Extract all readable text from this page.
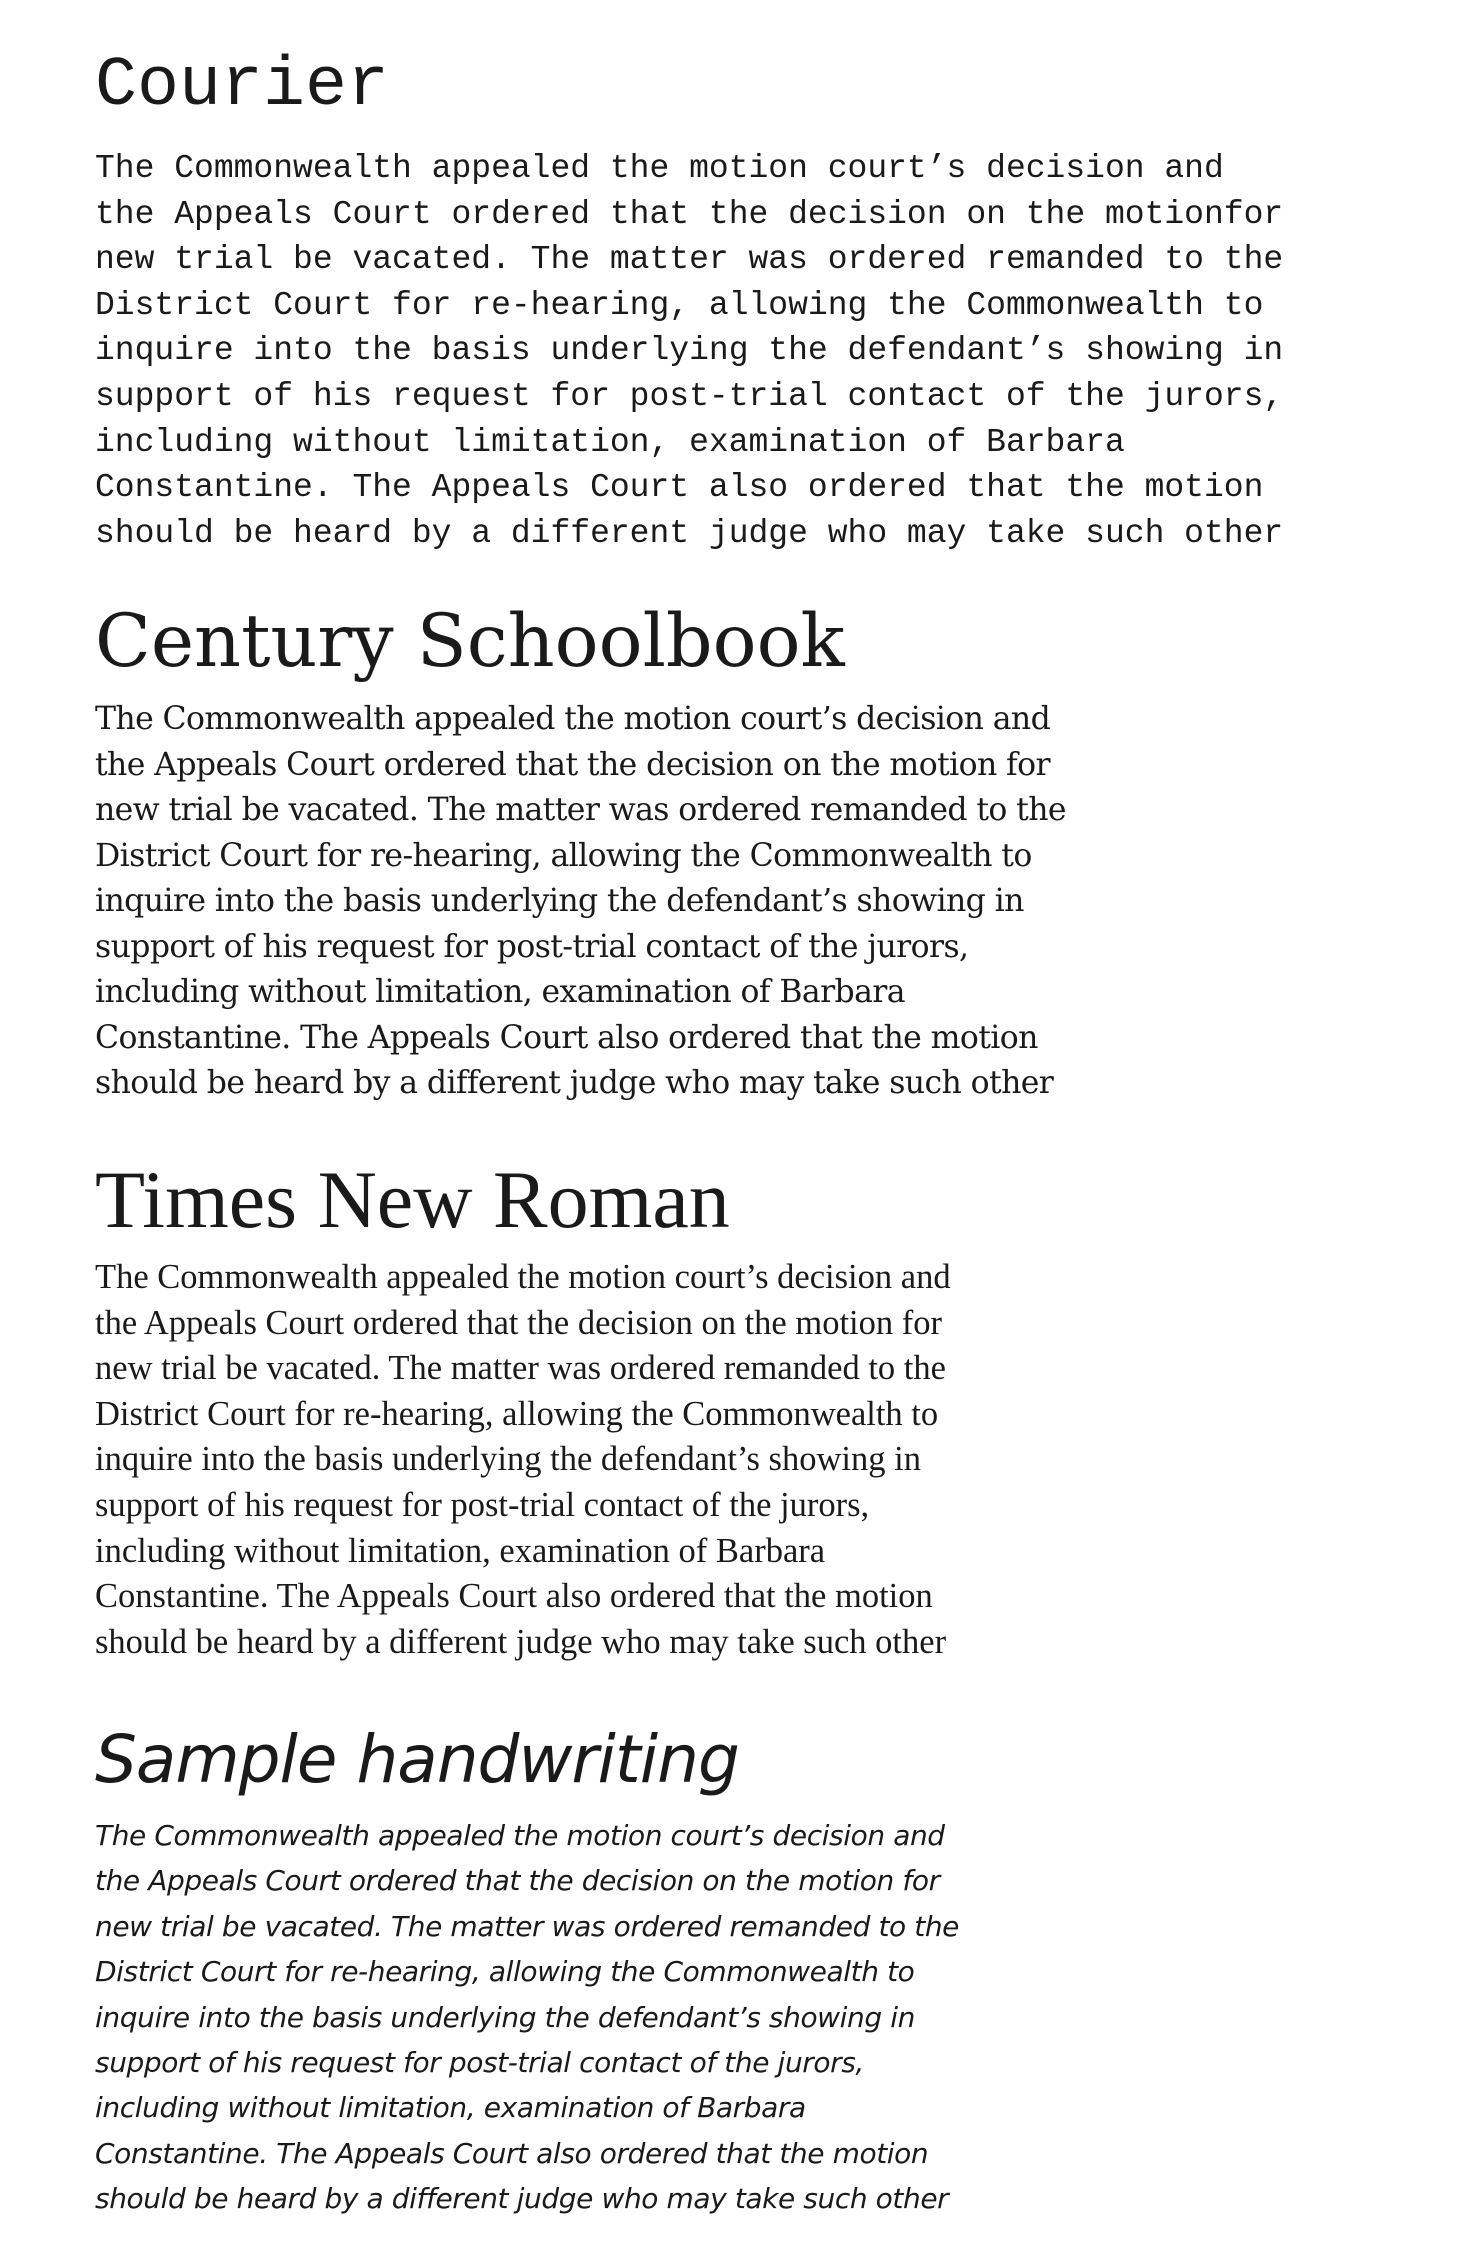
Courier
The Commonwealth appealed the motion court’s decision and
the Appeals Court ordered that the decision on the motionfor
new trial be vacated. The matter was ordered remanded to the
District Court for re-hearing, allowing the Commonwealth to
inquire into the basis underlying the defendant’s showing in
support of his request for post-trial contact of the jurors,
including without limitation, examination of Barbara
Constantine. The Appeals Court also ordered that the motion
should be heard by a different judge who may take such other
Century Schoolbook
The Commonwealth appealed the motion court’s decision and
the Appeals Court ordered that the decision on the motion for
new trial be vacated. The matter was ordered remanded to the
District Court for re-hearing, allowing the Commonwealth to
inquire into the basis underlying the defendant’s showing in
support of his request for post-trial contact of the jurors,
including without limitation, examination of Barbara
Constantine. The Appeals Court also ordered that the motion
should be heard by a different judge who may take such other
Times New Roman
The Commonwealth appealed the motion court’s decision and
the Appeals Court ordered that the decision on the motion for
new trial be vacated. The matter was ordered remanded to the
District Court for re-hearing, allowing the Commonwealth to
inquire into the basis underlying the defendant’s showing in
support of his request for post-trial contact of the jurors,
including without limitation, examination of Barbara
Constantine. The Appeals Court also ordered that the motion
should be heard by a different judge who may take such other
Sample handwriting
The Commonwealth appealed the motion court’s decision and
the Appeals Court ordered that the decision on the motion for
new trial be vacated. The matter was ordered remanded to the
District Court for re-hearing, allowing the Commonwealth to
inquire into the basis underlying the defendant’s showing in
support of his request for post-trial contact of the jurors,
including without limitation, examination of Barbara
Constantine. The Appeals Court also ordered that the motion
should be heard by a different judge who may take such other
